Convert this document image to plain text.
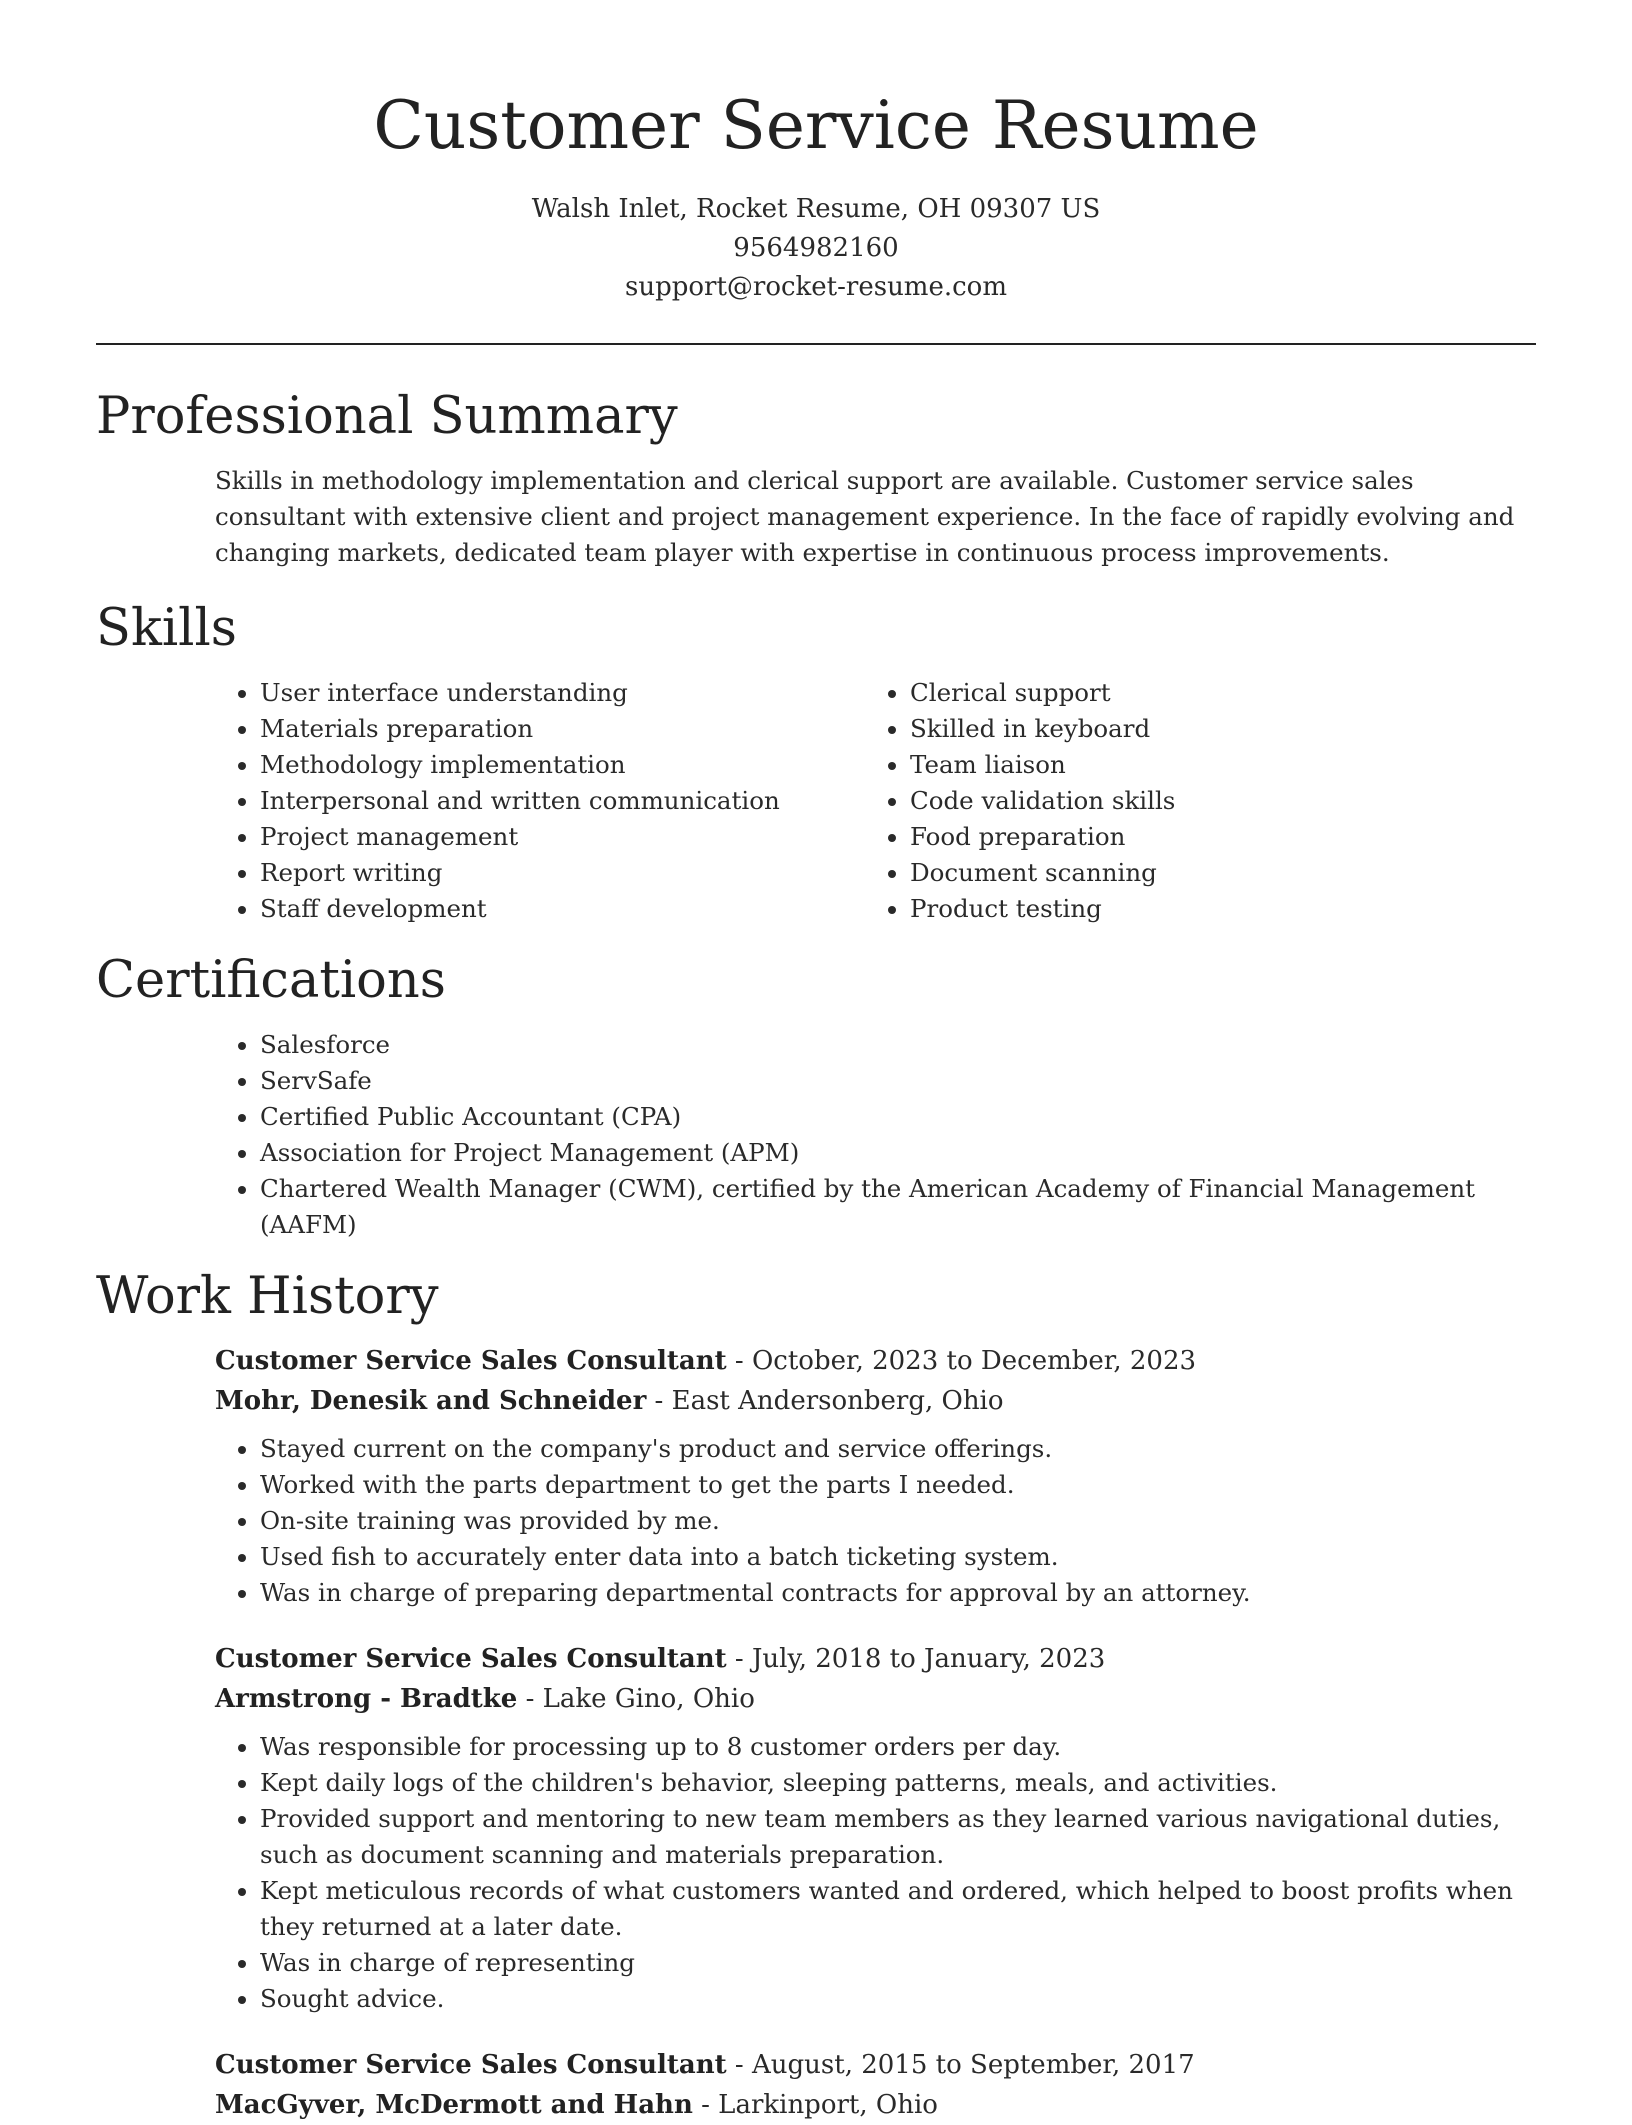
Customer Service Resume
Walsh Inlet, Rocket Resume, OH 09307 US
9564982160
support@rocket-resume.com
Professional Summary

Skills in methodology implementation and clerical support are available. Customer service sales consultant with extensive client and project management experience. In the face of rapidly evolving and changing markets, dedicated team player with expertise in continuous process improvements.

Skills
• User interface understanding
• Materials preparation
• Methodology implementation
• Interpersonal and written communication
• Project management
• Report writing
• Staff development
• Clerical support
• Skilled in keyboard
• Team liaison
• Code validation skills
• Food preparation
• Document scanning
• Product testing
Certifications
• Salesforce
• ServSafe
• Certified Public Accountant (CPA)
• Association for Project Management (APM)
• Chartered Wealth Manager (CWM), certified by the American Academy of Financial Management (AAFM)
Work History
Customer Service Sales Consultant - October, 2023 to December, 2023
Mohr, Denesik and Schneider - East Andersonberg, Ohio
• Stayed current on the company's product and service offerings.
• Worked with the parts department to get the parts I needed.
• On-site training was provided by me.
• Used fish to accurately enter data into a batch ticketing system.
• Was in charge of preparing departmental contracts for approval by an attorney.
Customer Service Sales Consultant - July, 2018 to January, 2023
Armstrong - Bradtke - Lake Gino, Ohio
• Was responsible for processing up to 8 customer orders per day.
• Kept daily logs of the children's behavior, sleeping patterns, meals, and activities.
• Provided support and mentoring to new team members as they learned various navigational duties, such as document scanning and materials preparation.
• Kept meticulous records of what customers wanted and ordered, which helped to boost profits when they returned at a later date.
• Was in charge of representing
• Sought advice.
Customer Service Sales Consultant - August, 2015 to September, 2017
MacGyver, McDermott and Hahn - Larkinport, Ohio
